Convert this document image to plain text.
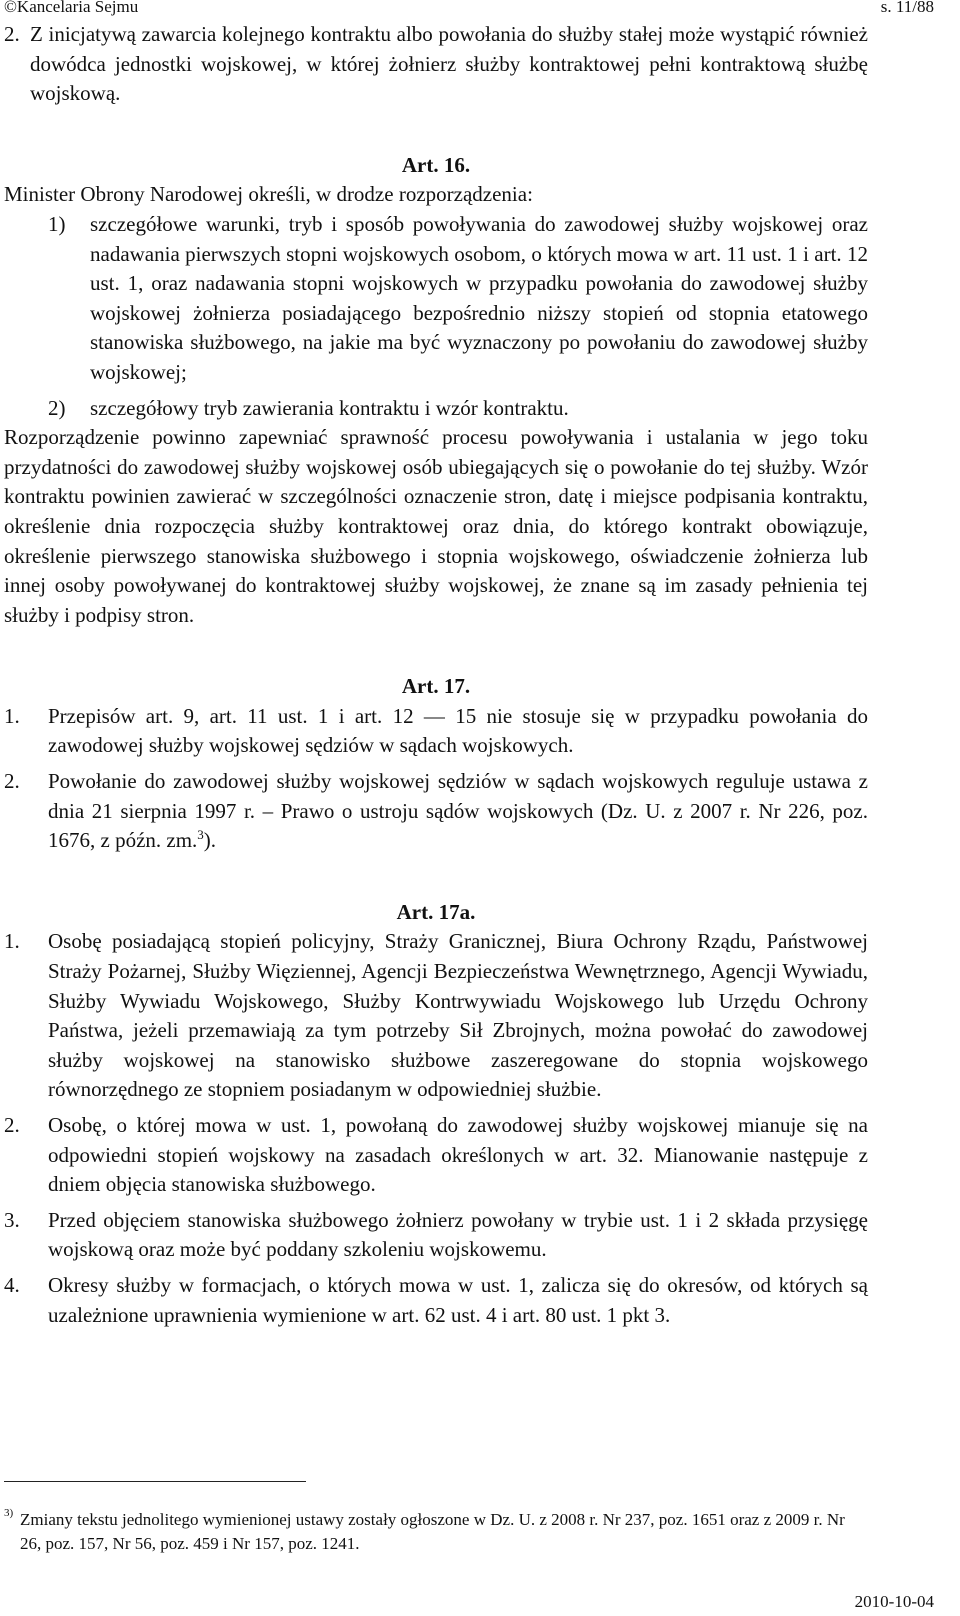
©Kancelaria Sejmu	s. 11/88

2. Z inicjatywą zawarcia kolejnego kontraktu albo powołania do służby stałej może wystąpić również dowódca jednostki wojskowej, w której żołnierz służby kontraktowej pełni kontraktową służbę wojskową.

Art. 16.

Minister Obrony Narodowej określi, w drodze rozporządzenia:

1) szczegółowe warunki, tryb i sposób powoływania do zawodowej służby wojskowej oraz nadawania pierwszych stopni wojskowych osobom, o których mowa w art. 11 ust. 1 i art. 12 ust. 1, oraz nadawania stopni wojskowych w przypadku powołania do zawodowej służby wojskowej żołnierza posiadającego bezpośrednio niższy stopień od stopnia etatowego stanowiska służbowego, na jakie ma być wyznaczony po powołaniu do zawodowej służby wojskowej;

2) szczegółowy tryb zawierania kontraktu i wzór kontraktu.

Rozporządzenie powinno zapewniać sprawność procesu powoływania i ustalania w jego toku przydatności do zawodowej służby wojskowej osób ubiegających się o powołanie do tej służby. Wzór kontraktu powinien zawierać w szczególności oznaczenie stron, datę i miejsce podpisania kontraktu, określenie dnia rozpoczęcia służby kontraktowej oraz dnia, do którego kontrakt obowiązuje, określenie pierwszego stanowiska służbowego i stopnia wojskowego, oświadczenie żołnierza lub innej osoby powoływanej do kontraktowej służby wojskowej, że znane są im zasady pełnienia tej służby i podpisy stron.

Art. 17.

1. Przepisów art. 9, art. 11 ust. 1 i art. 12 — 15 nie stosuje się w przypadku powołania do zawodowej służby wojskowej sędziów w sądach wojskowych.

2. Powołanie do zawodowej służby wojskowej sędziów w sądach wojskowych reguluje ustawa z dnia 21 sierpnia 1997 r. – Prawo o ustroju sądów wojskowych (Dz. U. z 2007 r. Nr 226, poz. 1676, z późn. zm.$^3$).

Art. 17a.

1. Osobę posiadającą stopień policyjny, Straży Granicznej, Biura Ochrony Rządu, Państwowej Straży Pożarnej, Służby Więziennej, Agencji Bezpieczeństwa Wewnętrznego, Agencji Wywiadu, Służby Wywiadu Wojskowego, Służby Kontrwywiadu Wojskowego lub Urzędu Ochrony Państwa, jeżeli przemawiają za tym potrzeby Sił Zbrojnych, można powołać do zawodowej służby wojskowej na stanowisko służbowe zaszeregowane do stopnia wojskowego równorzędnego ze stopniem posiadanym w odpowiedniej służbie.

2. Osobę, o której mowa w ust. 1, powołaną do zawodowej służby wojskowej mianuje się na odpowiedni stopień wojskowy na zasadach określonych w art. 32. Mianowanie następuje z dniem objęcia stanowiska służbowego.

3. Przed objęciem stanowiska służbowego żołnierz powołany w trybie ust. 1 i 2 składa przysięgę wojskową oraz może być poddany szkoleniu wojskowemu.

4. Okresy służby w formacjach, o których mowa w ust. 1, zalicza się do okresów, od których są uzależnione uprawnienia wymienione w art. 62 ust. 4 i art. 80 ust. 1 pkt 3.

3) Zmiany tekstu jednolitego wymienionej ustawy zostały ogłoszone w Dz. U. z 2008 r. Nr 237, poz. 1651 oraz z 2009 r. Nr 26, poz. 157, Nr 56, poz. 459 i Nr 157, poz. 1241.

2010-10-04
